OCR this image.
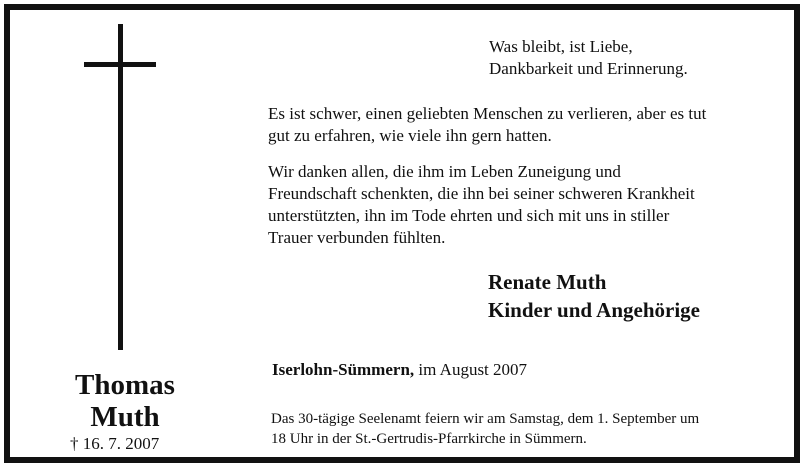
Thomas
Muth
† 16. 7. 2007
Was bleibt, ist Liebe,
Dankbarkeit und Erinnerung.
Es ist schwer, einen geliebten Menschen zu verlieren, aber es tut
gut zu erfahren, wie viele ihn gern hatten.
Wir danken allen, die ihm im Leben Zuneigung und
Freundschaft schenkten, die ihn bei seiner schweren Krankheit
unterstützten, ihn im Tode ehrten und sich mit uns in stiller
Trauer verbunden fühlten.
Renate Muth
Kinder und Angehörige
Iserlohn-Sümmern, im August 2007
Das 30-tägige Seelenamt feiern wir am Samstag, dem 1. September um
18 Uhr in der St.-Gertrudis-Pfarrkirche in Sümmern.
